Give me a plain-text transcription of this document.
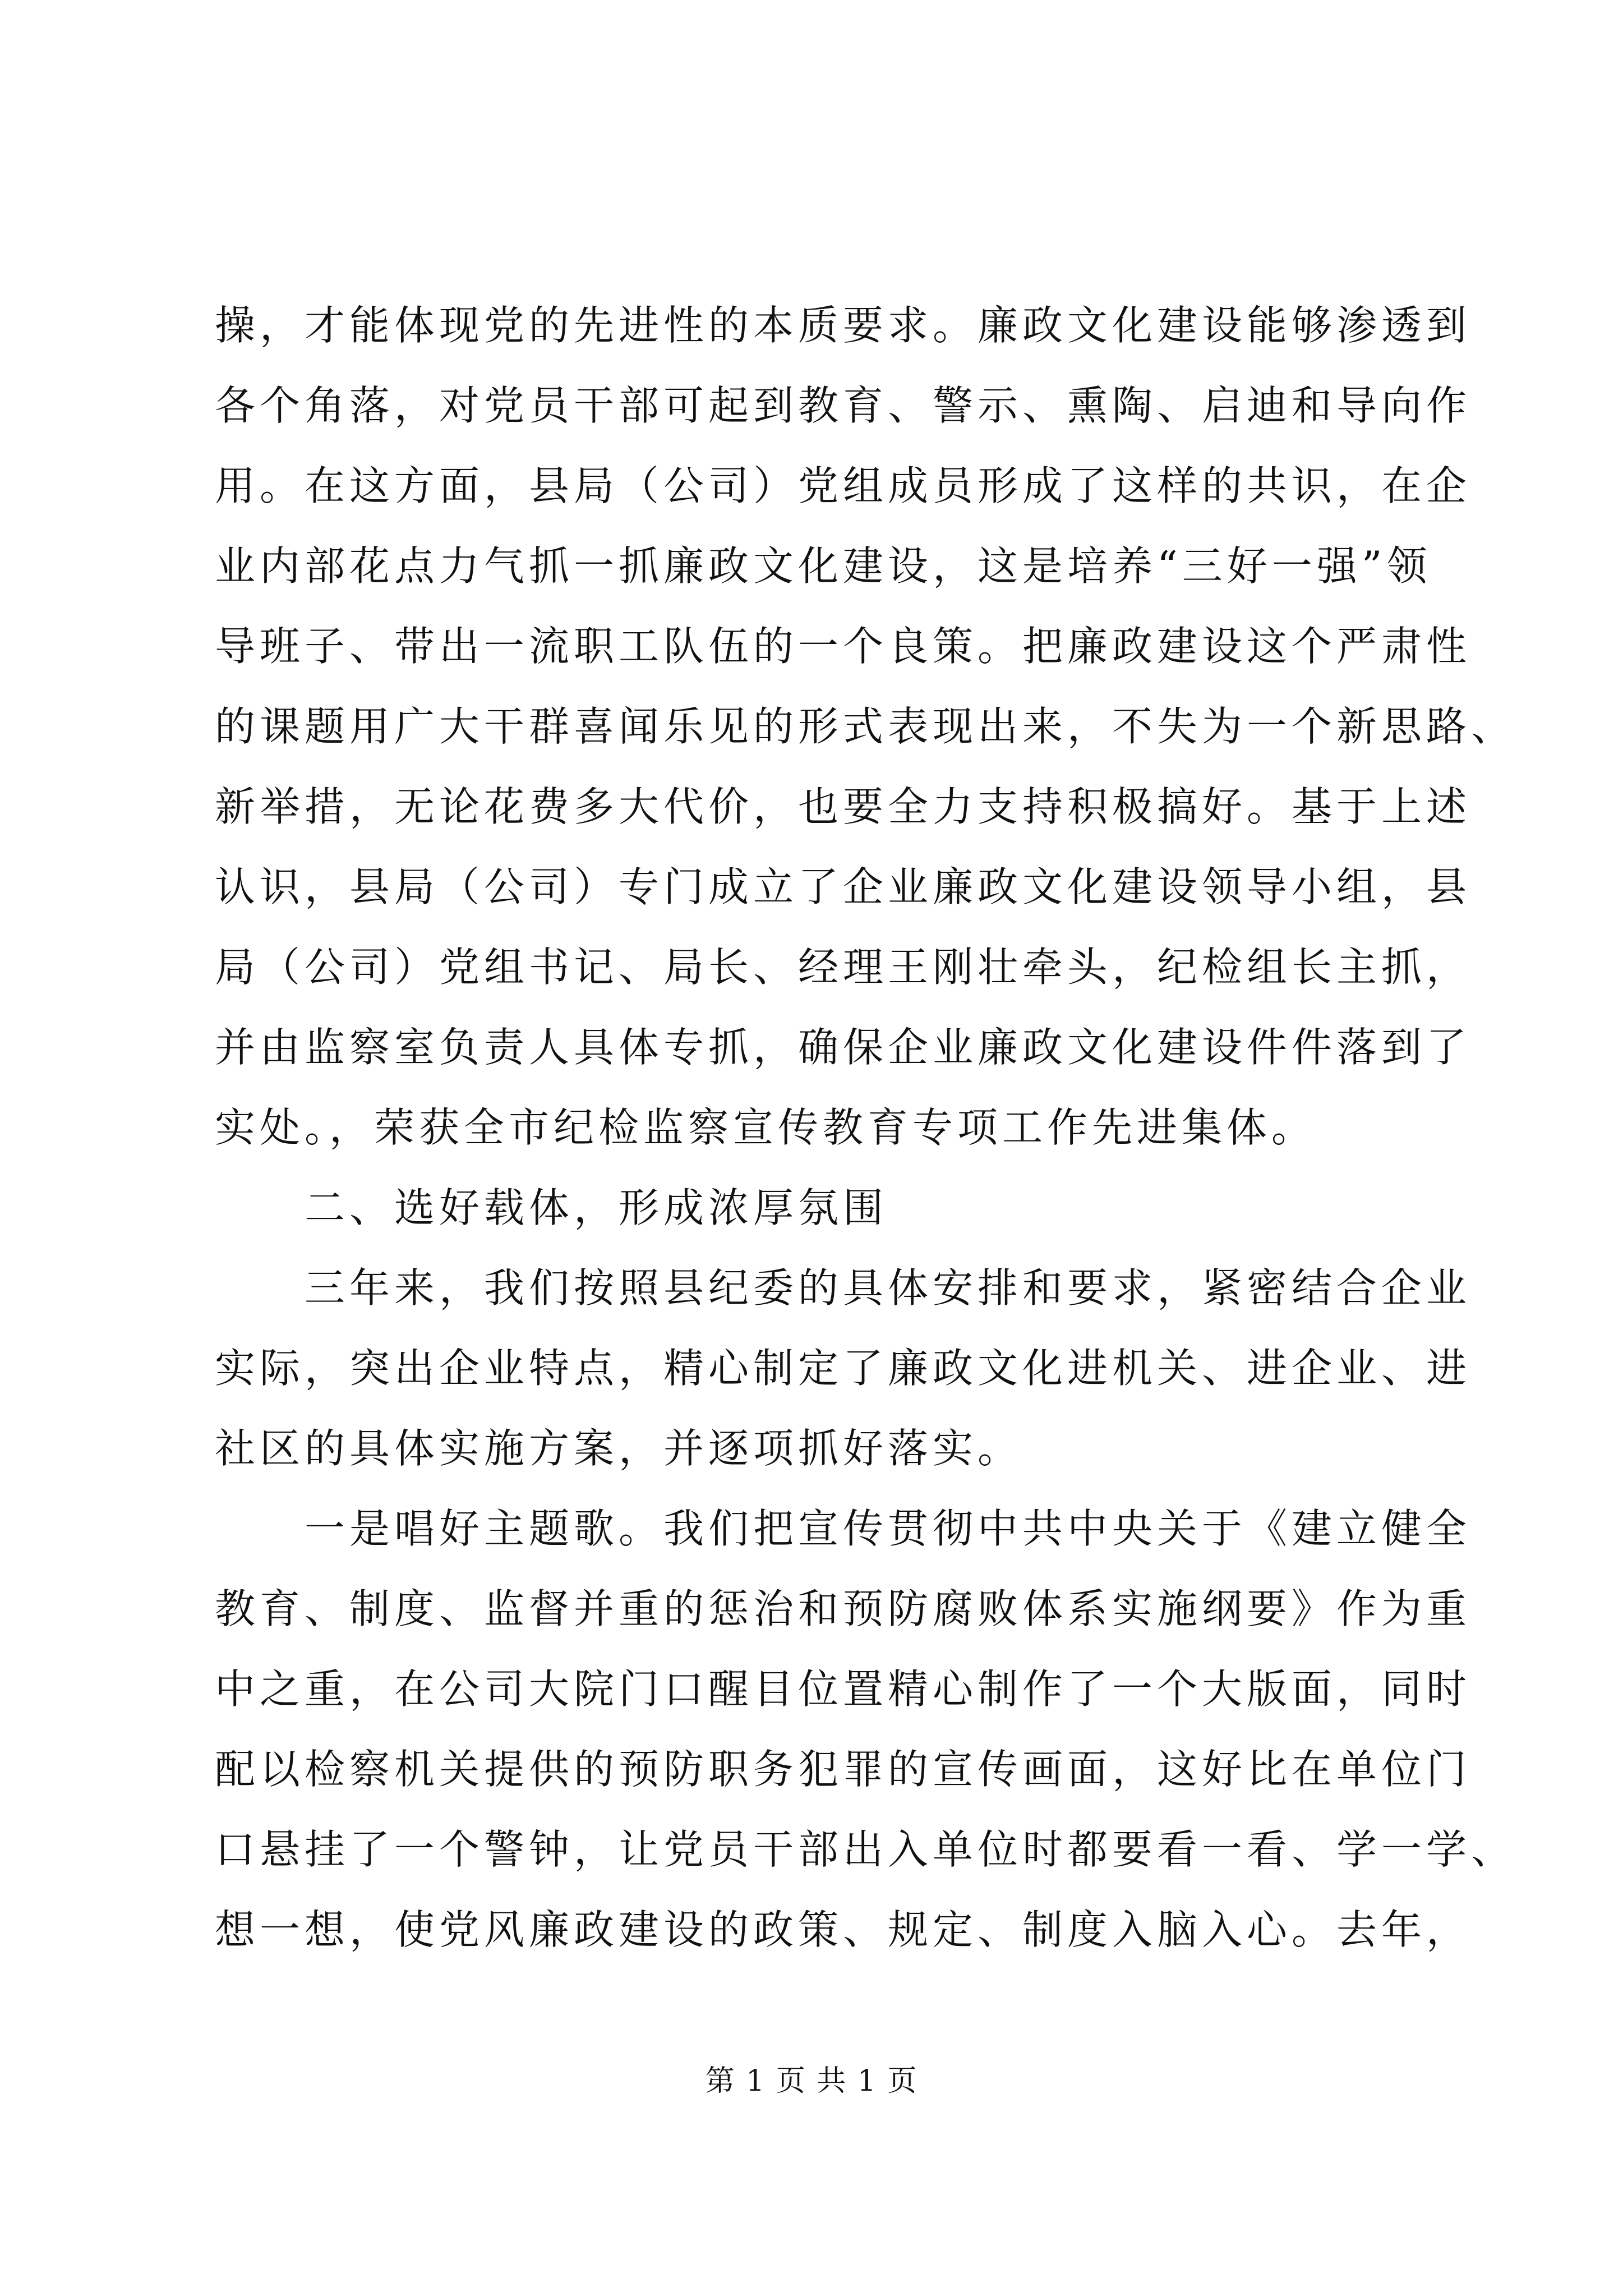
操，才能体现党的先进性的本质要求。廉政文化建设能够渗透到
各个角落，对党员干部可起到教育、警示、熏陶、启迪和导向作
用。在这方面，县局（公司）党组成员形成了这样的共识，在企
业内部花点力气抓一抓廉政文化建设，这是培养“三好一强”领
导班子、带出一流职工队伍的一个良策。把廉政建设这个严肃性
的课题用广大干群喜闻乐见的形式表现出来，不失为一个新思路、
新举措，无论花费多大代价，也要全力支持积极搞好。基于上述
认识，县局（公司）专门成立了企业廉政文化建设领导小组，县
局（公司）党组书记、局长、经理王刚壮牵头，纪检组长主抓，
并由监察室负责人具体专抓，确保企业廉政文化建设件件落到了
实处。，荣获全市纪检监察宣传教育专项工作先进集体。
二、选好载体，形成浓厚氛围
三年来，我们按照县纪委的具体安排和要求，紧密结合企业
实际，突出企业特点，精心制定了廉政文化进机关、进企业、进
社区的具体实施方案，并逐项抓好落实。
一是唱好主题歌。我们把宣传贯彻中共中央关于《建立健全
教育、制度、监督并重的惩治和预防腐败体系实施纲要》作为重
中之重，在公司大院门口醒目位置精心制作了一个大版面，同时
配以检察机关提供的预防职务犯罪的宣传画面，这好比在单位门
口悬挂了一个警钟，让党员干部出入单位时都要看一看、学一学、
想一想，使党风廉政建设的政策、规定、制度入脑入心。去年，
第 1 页 共 1 页
